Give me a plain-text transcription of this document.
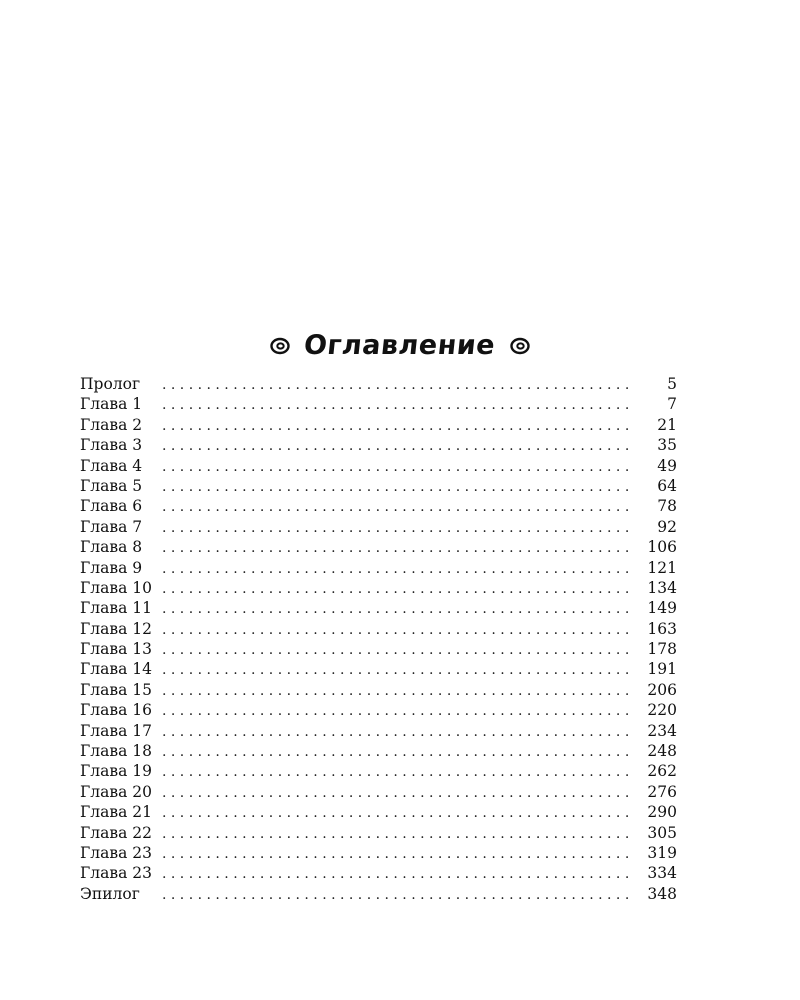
Оглавление
Пролог . . .	5
Глава 1 . . .	7
Глава 2 . . .	21
Глава 3 . . .	35
Глава 4 . . .	49
Глава 5 . . .	64
Глава 6 . . .	78
Глава 7 . . .	92
Глава 8 . . .	106
Глава 9 . . .	121
Глава 10 . . .	134
Глава 11 . . .	149
Глава 12 . . .	163
Глава 13 . . .	178
Глава 14 . . .	191
Глава 15 . . .	206
Глава 16 . . .	220
Глава 17 . . .	234
Глава 18 . . .	248
Глава 19 . . .	262
Глава 20 . . .	276
Глава 21 . . .	290
Глава 22 . . .	305
Глава 23 . . .	319
Глава 23 . . .	334
Эпилог . . .	348
